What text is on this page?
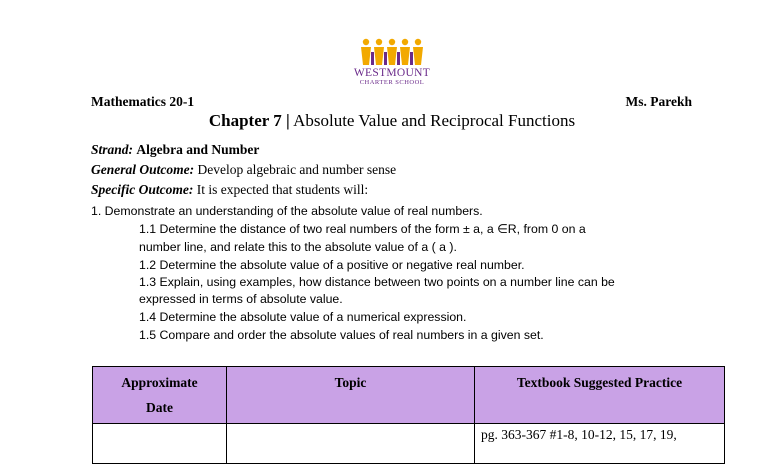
WESTMOUNT
CHARTER SCHOOL
Mathematics 20-1	Ms. Parekh
Chapter 7 | Absolute Value and Reciprocal Functions
Strand: Algebra and Number
General Outcome: Develop algebraic and number sense
Specific Outcome: It is expected that students will:
1. Demonstrate an understanding of the absolute value of real numbers.
1.1 Determine the distance of two real numbers of the form ± a, a ∈R, from 0 on a
number line, and relate this to the absolute value of a ( a ).
1.2 Determine the absolute value of a positive or negative real number.
1.3 Explain, using examples, how distance between two points on a number line can be
expressed in terms of absolute value.
1.4 Determine the absolute value of a numerical expression.
1.5 Compare and order the absolute values of real numbers in a given set.
Approximate
Date	Topic	Textbook Suggested Practice
		pg. 363-367 #1-8, 10-12, 15, 17, 19,
